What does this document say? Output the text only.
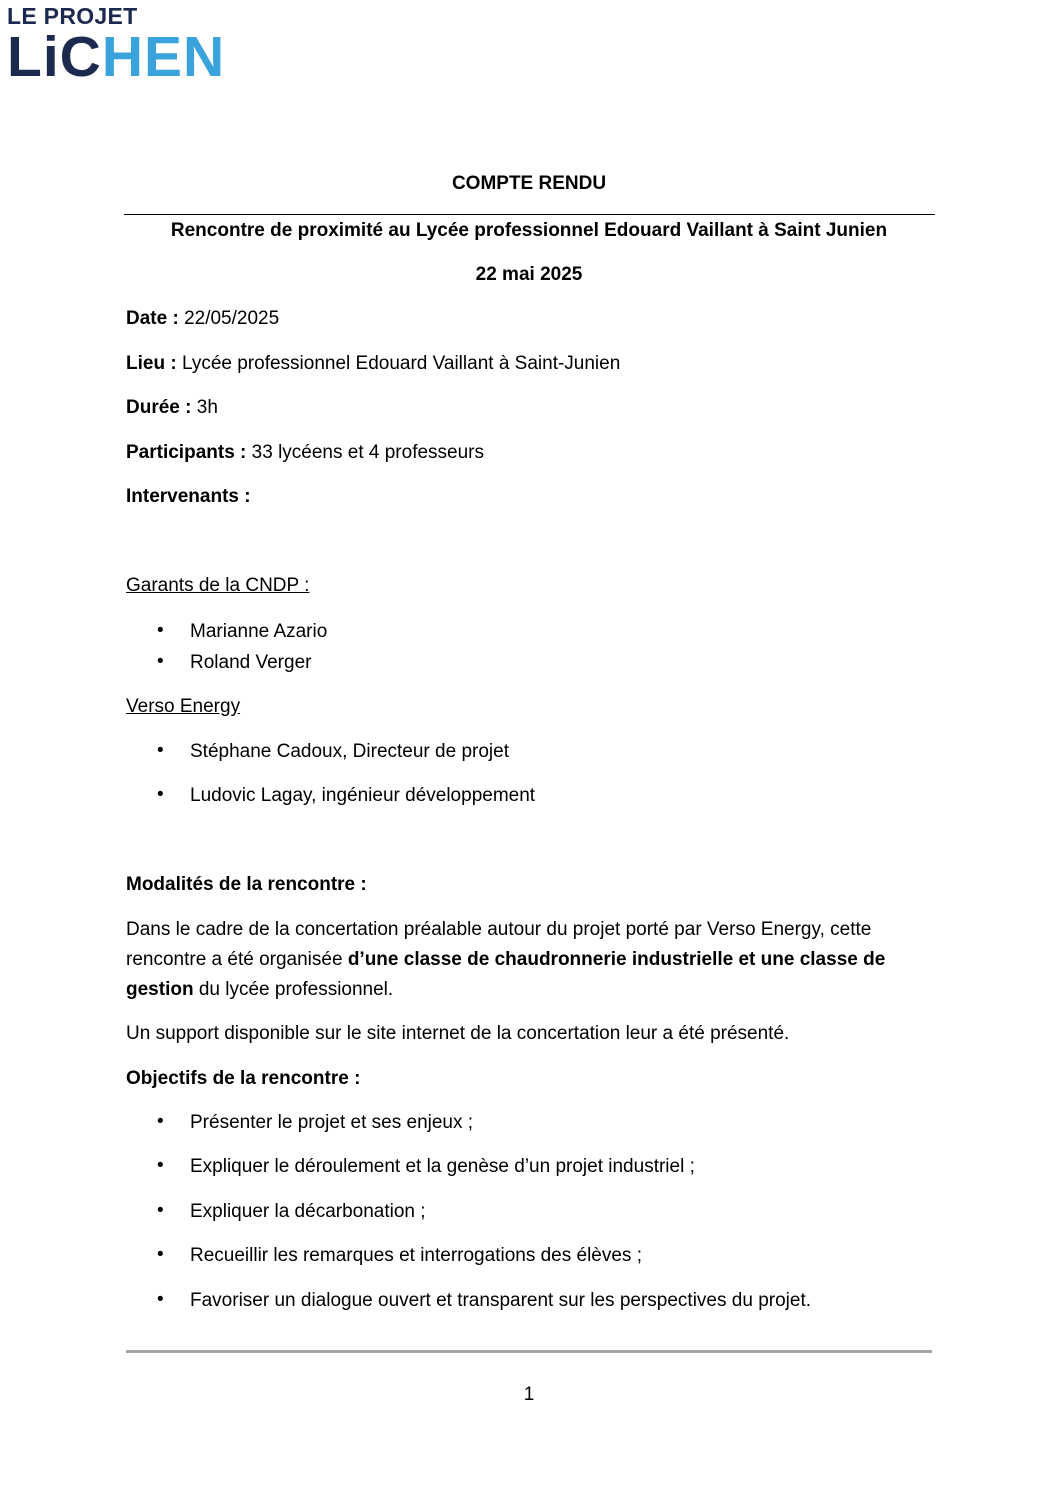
LE PROJET
LiCHEN
COMPTE RENDU
Rencontre de proximité au Lycée professionnel Edouard Vaillant à Saint Junien
22 mai 2025
Date : 22/05/2025
Lieu : Lycée professionnel Edouard Vaillant à Saint-Junien
Durée : 3h
Participants : 33 lycéens et 4 professeurs
Intervenants :
Garants de la CNDP :
• Marianne Azario
• Roland Verger
Verso Energy
• Stéphane Cadoux, Directeur de projet
• Ludovic Lagay, ingénieur développement
Modalités de la rencontre :
Dans le cadre de la concertation préalable autour du projet porté par Verso Energy, cette rencontre a été organisée d’une classe de chaudronnerie industrielle et une classe de gestion du lycée professionnel.
Un support disponible sur le site internet de la concertation leur a été présenté.
Objectifs de la rencontre :
• Présenter le projet et ses enjeux ;
• Expliquer le déroulement et la genèse d’un projet industriel ;
• Expliquer la décarbonation ;
• Recueillir les remarques et interrogations des élèves ;
• Favoriser un dialogue ouvert et transparent sur les perspectives du projet.
1
